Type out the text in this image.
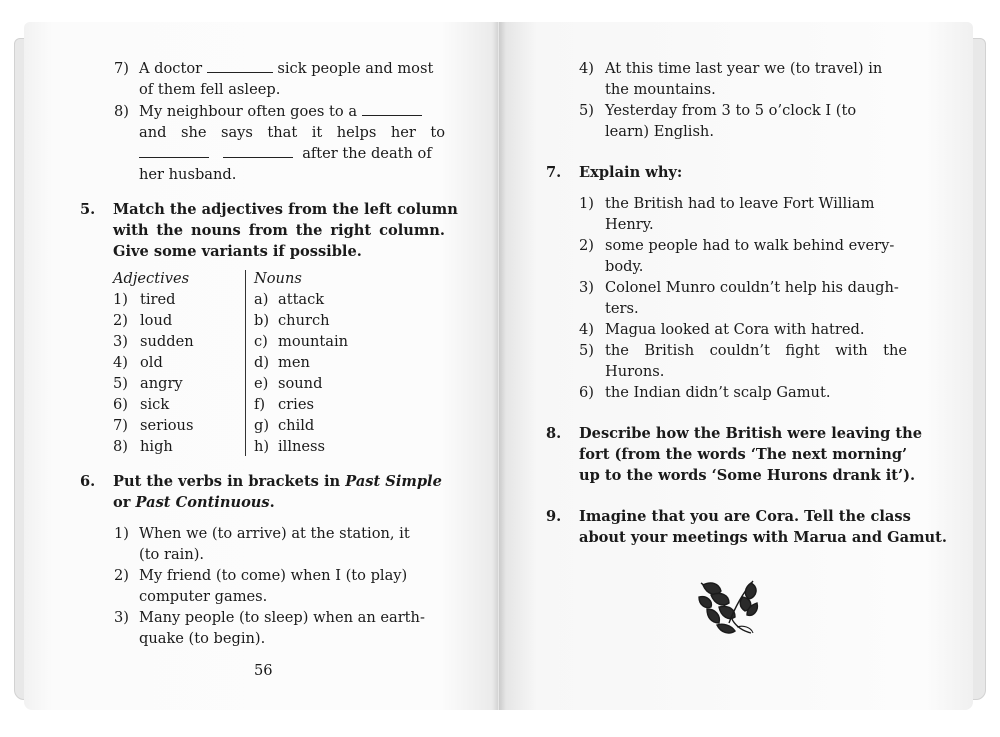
7) A doctor	sick people and most
of them fell asleep.
8) My neighbour often goes to a
and she says that it helps her to
after the death of
her husband.
5. Match the adjectives from the left column
with the nouns from the right column.
Give some variants if possible.
Adjectives	Nouns
1) tired
2) loud
3) sudden
4) old
5) angry
6) sick
7) serious
8) high
a) attack
b) church
c) mountain
d) men
e) sound
f) cries
g) child
h) illness
6. Put the verbs in brackets in Past Simple
or Past Continuous.
1) When we (to arrive) at the station, it
(to rain).
2) My friend (to come) when I (to play)
computer games.
3) Many people (to sleep) when an earth-
quake (to begin).
56
4) At this time last year we (to travel) in
the mountains.
5) Yesterday from 3 to 5 o’clock I (to
learn) English.
7. Explain why:
1) the British had to leave Fort William
Henry.
2) some people had to walk behind every-
body.
3) Colonel Munro couldn’t help his daugh-
ters.
4) Magua looked at Cora with hatred.
5) the British couldn’t fight with the
Hurons.
6) the Indian didn’t scalp Gamut.
8. Describe how the British were leaving the
fort (from the words ‘The next morning’
up to the words ‘Some Hurons drank it’).
9. Imagine that you are Cora. Tell the class
about your meetings with Marua and Gamut.
